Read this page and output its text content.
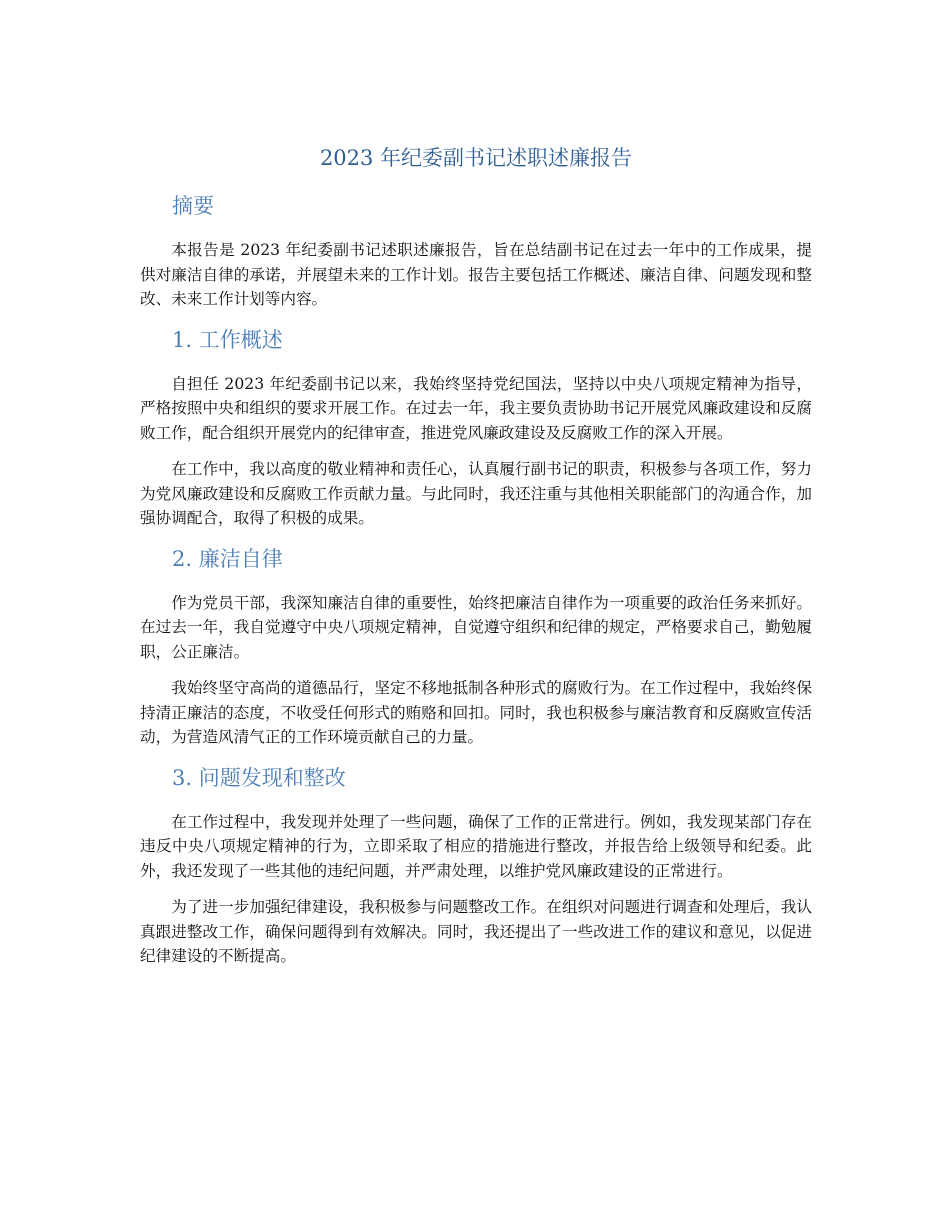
2023 年纪委副书记述职述廉报告
摘要

本报告是 2023 年纪委副书记述职述廉报告，旨在总结副书记在过去一年中的工作成果，提供对廉洁自律的承诺，并展望未来的工作计划。报告主要包括工作概述、廉洁自律、问题发现和整改、未来工作计划等内容。

1. 工作概述

自担任 2023 年纪委副书记以来，我始终坚持党纪国法，坚持以中央八项规定精神为指导，严格按照中央和组织的要求开展工作。在过去一年，我主要负责协助书记开展党风廉政建设和反腐败工作，配合组织开展党内的纪律审查，推进党风廉政建设及反腐败工作的深入开展。

在工作中，我以高度的敬业精神和责任心，认真履行副书记的职责，积极参与各项工作，努力为党风廉政建设和反腐败工作贡献力量。与此同时，我还注重与其他相关职能部门的沟通合作，加强协调配合，取得了积极的成果。

2. 廉洁自律

作为党员干部，我深知廉洁自律的重要性，始终把廉洁自律作为一项重要的政治任务来抓好。在过去一年，我自觉遵守中央八项规定精神，自觉遵守组织和纪律的规定，严格要求自己，勤勉履职，公正廉洁。

我始终坚守高尚的道德品行，坚定不移地抵制各种形式的腐败行为。在工作过程中，我始终保持清正廉洁的态度，不收受任何形式的贿赂和回扣。同时，我也积极参与廉洁教育和反腐败宣传活动，为营造风清气正的工作环境贡献自己的力量。

3. 问题发现和整改

在工作过程中，我发现并处理了一些问题，确保了工作的正常进行。例如，我发现某部门存在违反中央八项规定精神的行为，立即采取了相应的措施进行整改，并报告给上级领导和纪委。此外，我还发现了一些其他的违纪问题，并严肃处理，以维护党风廉政建设的正常进行。

为了进一步加强纪律建设，我积极参与问题整改工作。在组织对问题进行调查和处理后，我认真跟进整改工作，确保问题得到有效解决。同时，我还提出了一些改进工作的建议和意见，以促进纪律建设的不断提高。
